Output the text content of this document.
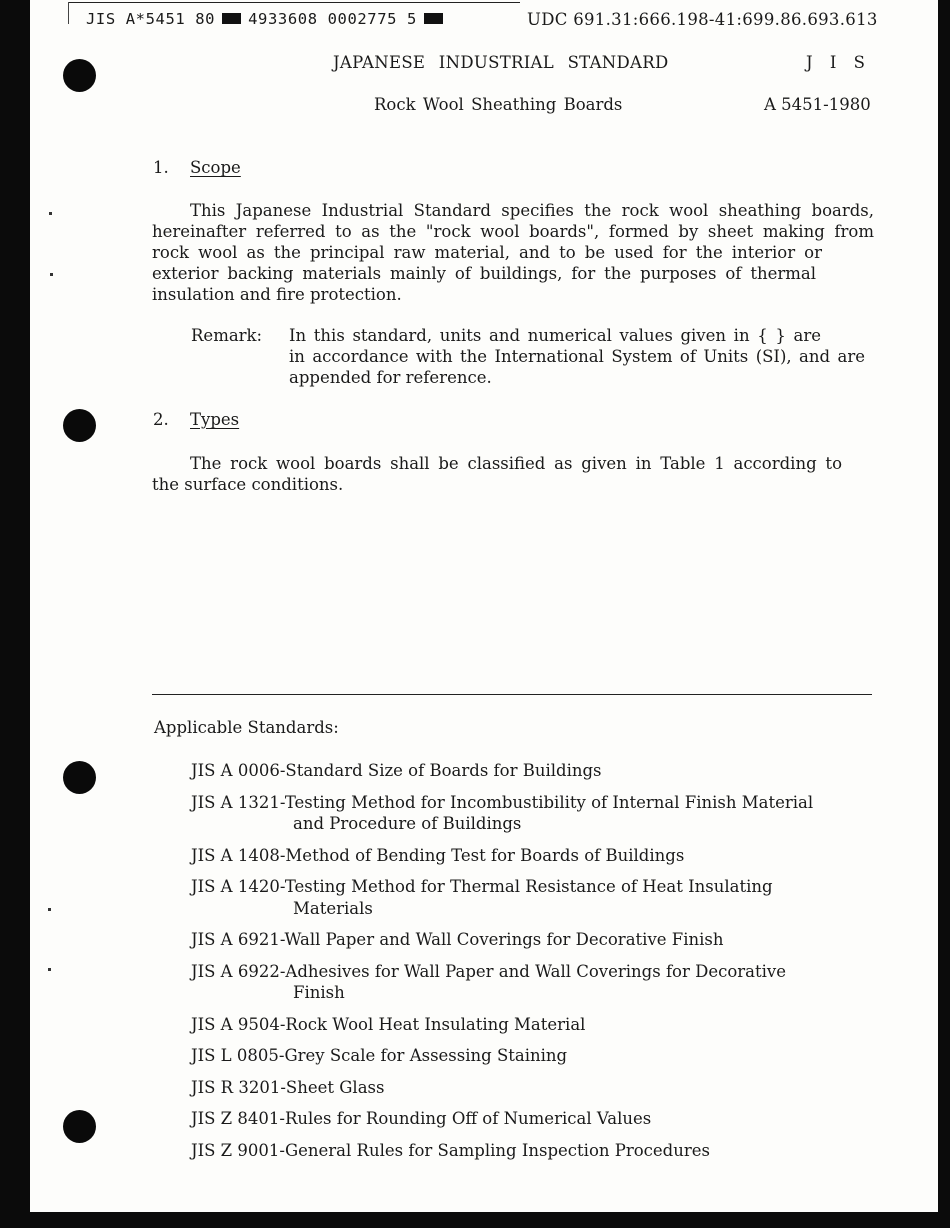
JIS A*5451 80 4933608 0002775 5	UDC 691.31:666.198-41:699.86.693.613
JAPANESE INDUSTRIAL STANDARD	J I S
Rock Wool Sheathing Boards	A 5451-1980
1. Scope
This Japanese Industrial Standard specifies the rock wool sheathing boards,
hereinafter referred to as the "rock wool boards", formed by sheet making from
rock wool as the principal raw material, and to be used for the interior or
exterior backing materials mainly of buildings, for the purposes of thermal
insulation and fire protection.
Remark: In this standard, units and numerical values given in { } are
in accordance with the International System of Units (SI), and are
appended for reference.
2. Types
The rock wool boards shall be classified as given in Table 1 according to
the surface conditions.
Applicable Standards:
JIS A 0006-Standard Size of Boards for Buildings
JIS A 1321-Testing Method for Incombustibility of Internal Finish Material
and Procedure of Buildings
JIS A 1408-Method of Bending Test for Boards of Buildings
JIS A 1420-Testing Method for Thermal Resistance of Heat Insulating
Materials
JIS A 6921-Wall Paper and Wall Coverings for Decorative Finish
JIS A 6922-Adhesives for Wall Paper and Wall Coverings for Decorative
Finish
JIS A 9504-Rock Wool Heat Insulating Material
JIS L 0805-Grey Scale for Assessing Staining
JIS R 3201-Sheet Glass
JIS Z 8401-Rules for Rounding Off of Numerical Values
JIS Z 9001-General Rules for Sampling Inspection Procedures
